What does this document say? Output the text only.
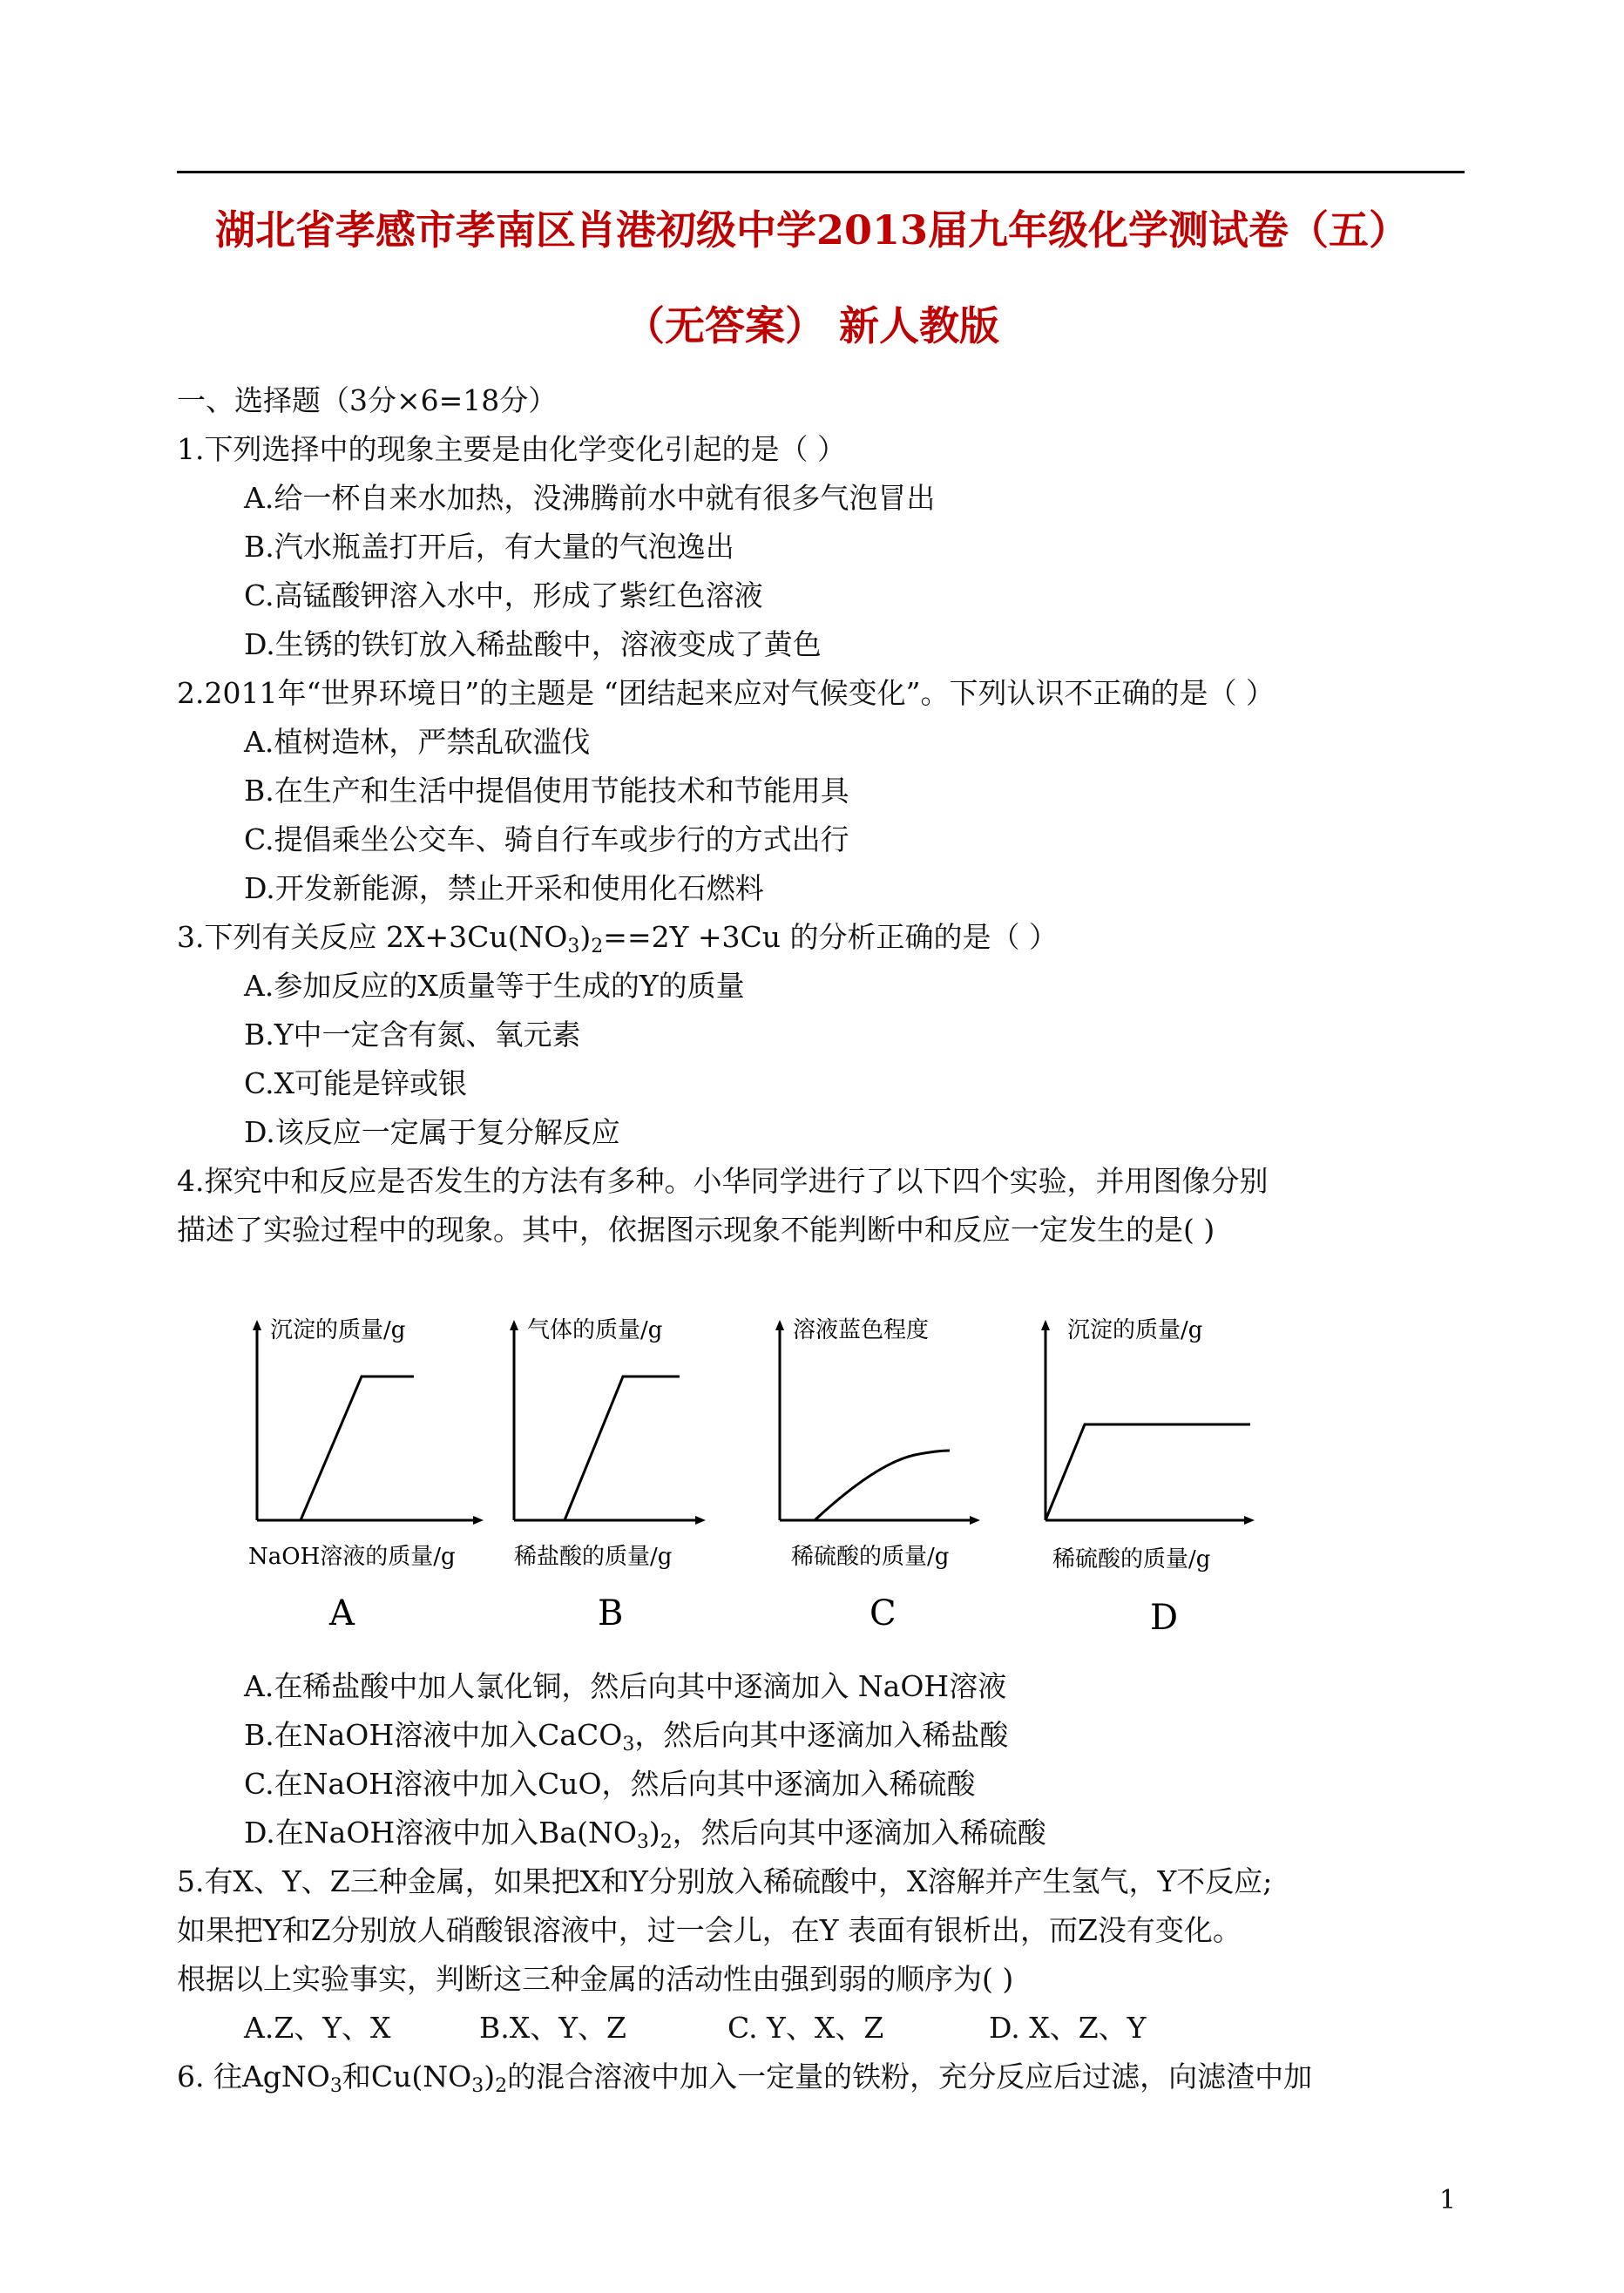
湖北省孝感市孝南区肖港初级中学2013届九年级化学测试卷（五）
（无答案） 新人教版
一、选择题（3分×6=18分）
1.下列选择中的现象主要是由化学变化引起的是（ ）
A.给一杯自来水加热，没沸腾前水中就有很多气泡冒出
B.汽水瓶盖打开后，有大量的气泡逸出
C.高锰酸钾溶入水中，形成了紫红色溶液
D.生锈的铁钉放入稀盐酸中，溶液变成了黄色
2.2011年“世界环境日”的主题是 “团结起来应对气候变化”。下列认识不正确的是（ ）
A.植树造林，严禁乱砍滥伐
B.在生产和生活中提倡使用节能技术和节能用具
C.提倡乘坐公交车、骑自行车或步行的方式出行
D.开发新能源，禁止开采和使用化石燃料
3.下列有关反应 $2X+3Cu(NO_3)_2==2Y +3Cu$ 的分析正确的是（ ）
A.参加反应的X质量等于生成的Y的质量
B.Y中一定含有氮、氧元素
C.X可能是锌或银
D.该反应一定属于复分解反应
4.探究中和反应是否发生的方法有多种。小华同学进行了以下四个实验，并用图像分别
描述了实验过程中的现象。其中，依据图示现象不能判断中和反应一定发生的是( )
沉淀的质量/g
NaOH溶液的质量/g
A
气体的质量/g
稀盐酸的质量/g
B
溶液蓝色程度
稀硫酸的质量/g
C
沉淀的质量/g
稀硫酸的质量/g
D
A.在稀盐酸中加人氯化铜，然后向其中逐滴加入 NaOH溶液
B.在NaOH溶液中加入CaCO$_3$，然后向其中逐滴加入稀盐酸
C.在NaOH溶液中加入CuO，然后向其中逐滴加入稀硫酸
D.在NaOH溶液中加入$Ba(NO_3)_2$，然后向其中逐滴加入稀硫酸
5.有X、Y、Z三种金属，如果把X和Y分别放入稀硫酸中，X溶解并产生氢气，Y不反应;
如果把Y和Z分别放人硝酸银溶液中，过一会儿，在Y 表面有银析出，而Z没有变化。
根据以上实验事实，判断这三种金属的活动性由强到弱的顺序为( )
A.Z、Y、X	B.X、Y、Z	C. Y、X、Z	D. X、Z、Y
6. 往AgNO$_3$和$Cu(NO_3)_2$的混合溶液中加入一定量的铁粉，充分反应后过滤，向滤渣中加
1
